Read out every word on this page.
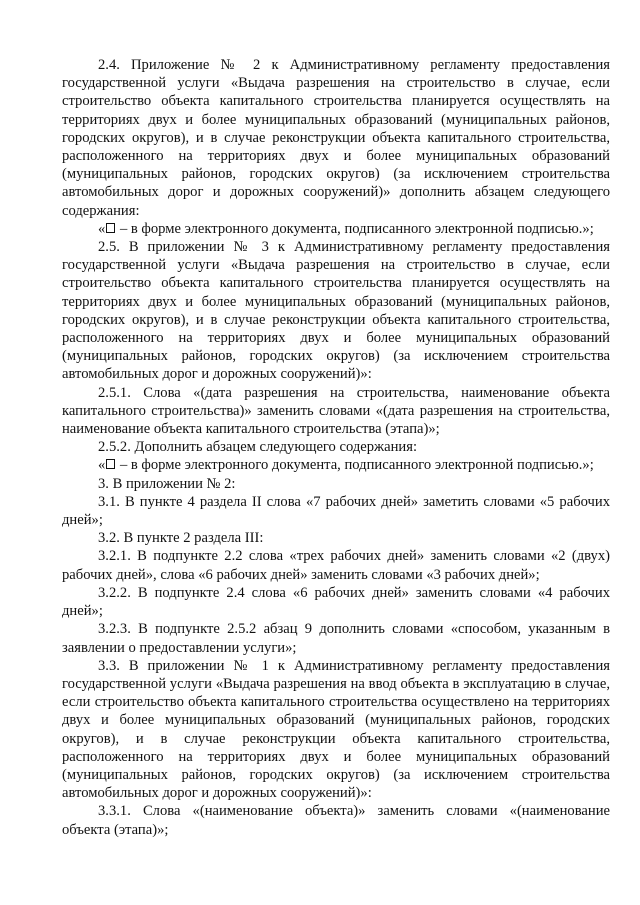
2.4. Приложение № 2 к Административному регламенту предоставления государственной услуги «Выдача разрешения на строительство в случае, если строительство объекта капитального строительства планируется осуществлять на территориях двух и более муниципальных образований (муниципальных районов, городских округов), и в случае реконструкции объекта капитального строительства, расположенного на территориях двух и более муниципальных образований (муниципальных районов, городских округов) (за исключением строительства автомобильных дорог и дорожных сооружений)» дополнить абзацем следующего содержания:

« – в форме электронного документа, подписанного электронной подписью.»;

2.5. В приложении № 3 к Административному регламенту предоставления государственной услуги «Выдача разрешения на строительство в случае, если строительство объекта капитального строительства планируется осуществлять на территориях двух и более муниципальных образований (муниципальных районов, городских округов), и в случае реконструкции объекта капитального строительства, расположенного на территориях двух и более муниципальных образований (муниципальных районов, городских округов) (за исключением строительства автомобильных дорог и дорожных сооружений)»:

2.5.1. Слова «(дата разрешения на строительства, наименование объекта капитального строительства)» заменить словами «(дата разрешения на строительства, наименование объекта капитального строительства (этапа)»;

2.5.2. Дополнить абзацем следующего содержания:

« – в форме электронного документа, подписанного электронной подписью.»;

3. В приложении № 2:

3.1. В пункте 4 раздела II слова «7 рабочих дней» заметить словами «5 рабочих дней»;

3.2. В пункте 2 раздела III:

3.2.1. В подпункте 2.2 слова «трех рабочих дней» заменить словами «2 (двух) рабочих дней», слова «6 рабочих дней» заменить словами «3 рабочих дней»;

3.2.2. В подпункте 2.4 слова «6 рабочих дней» заменить словами «4 рабочих дней»;

3.2.3. В подпункте 2.5.2 абзац 9 дополнить словами «способом, указанным в заявлении о предоставлении услуги»;

3.3. В приложении № 1 к Административному регламенту предоставления государственной услуги «Выдача разрешения на ввод объекта в эксплуатацию в случае, если строительство объекта капитального строительства осуществлено на территориях двух и более муниципальных образований (муниципальных районов, городских округов), и в случае реконструкции объекта капитального строительства, расположенного на территориях двух и более муниципальных образований (муниципальных районов, городских округов) (за исключением строительства автомобильных дорог и дорожных сооружений)»:

3.3.1. Слова «(наименование объекта)» заменить словами «(наименование объекта (этапа)»;
